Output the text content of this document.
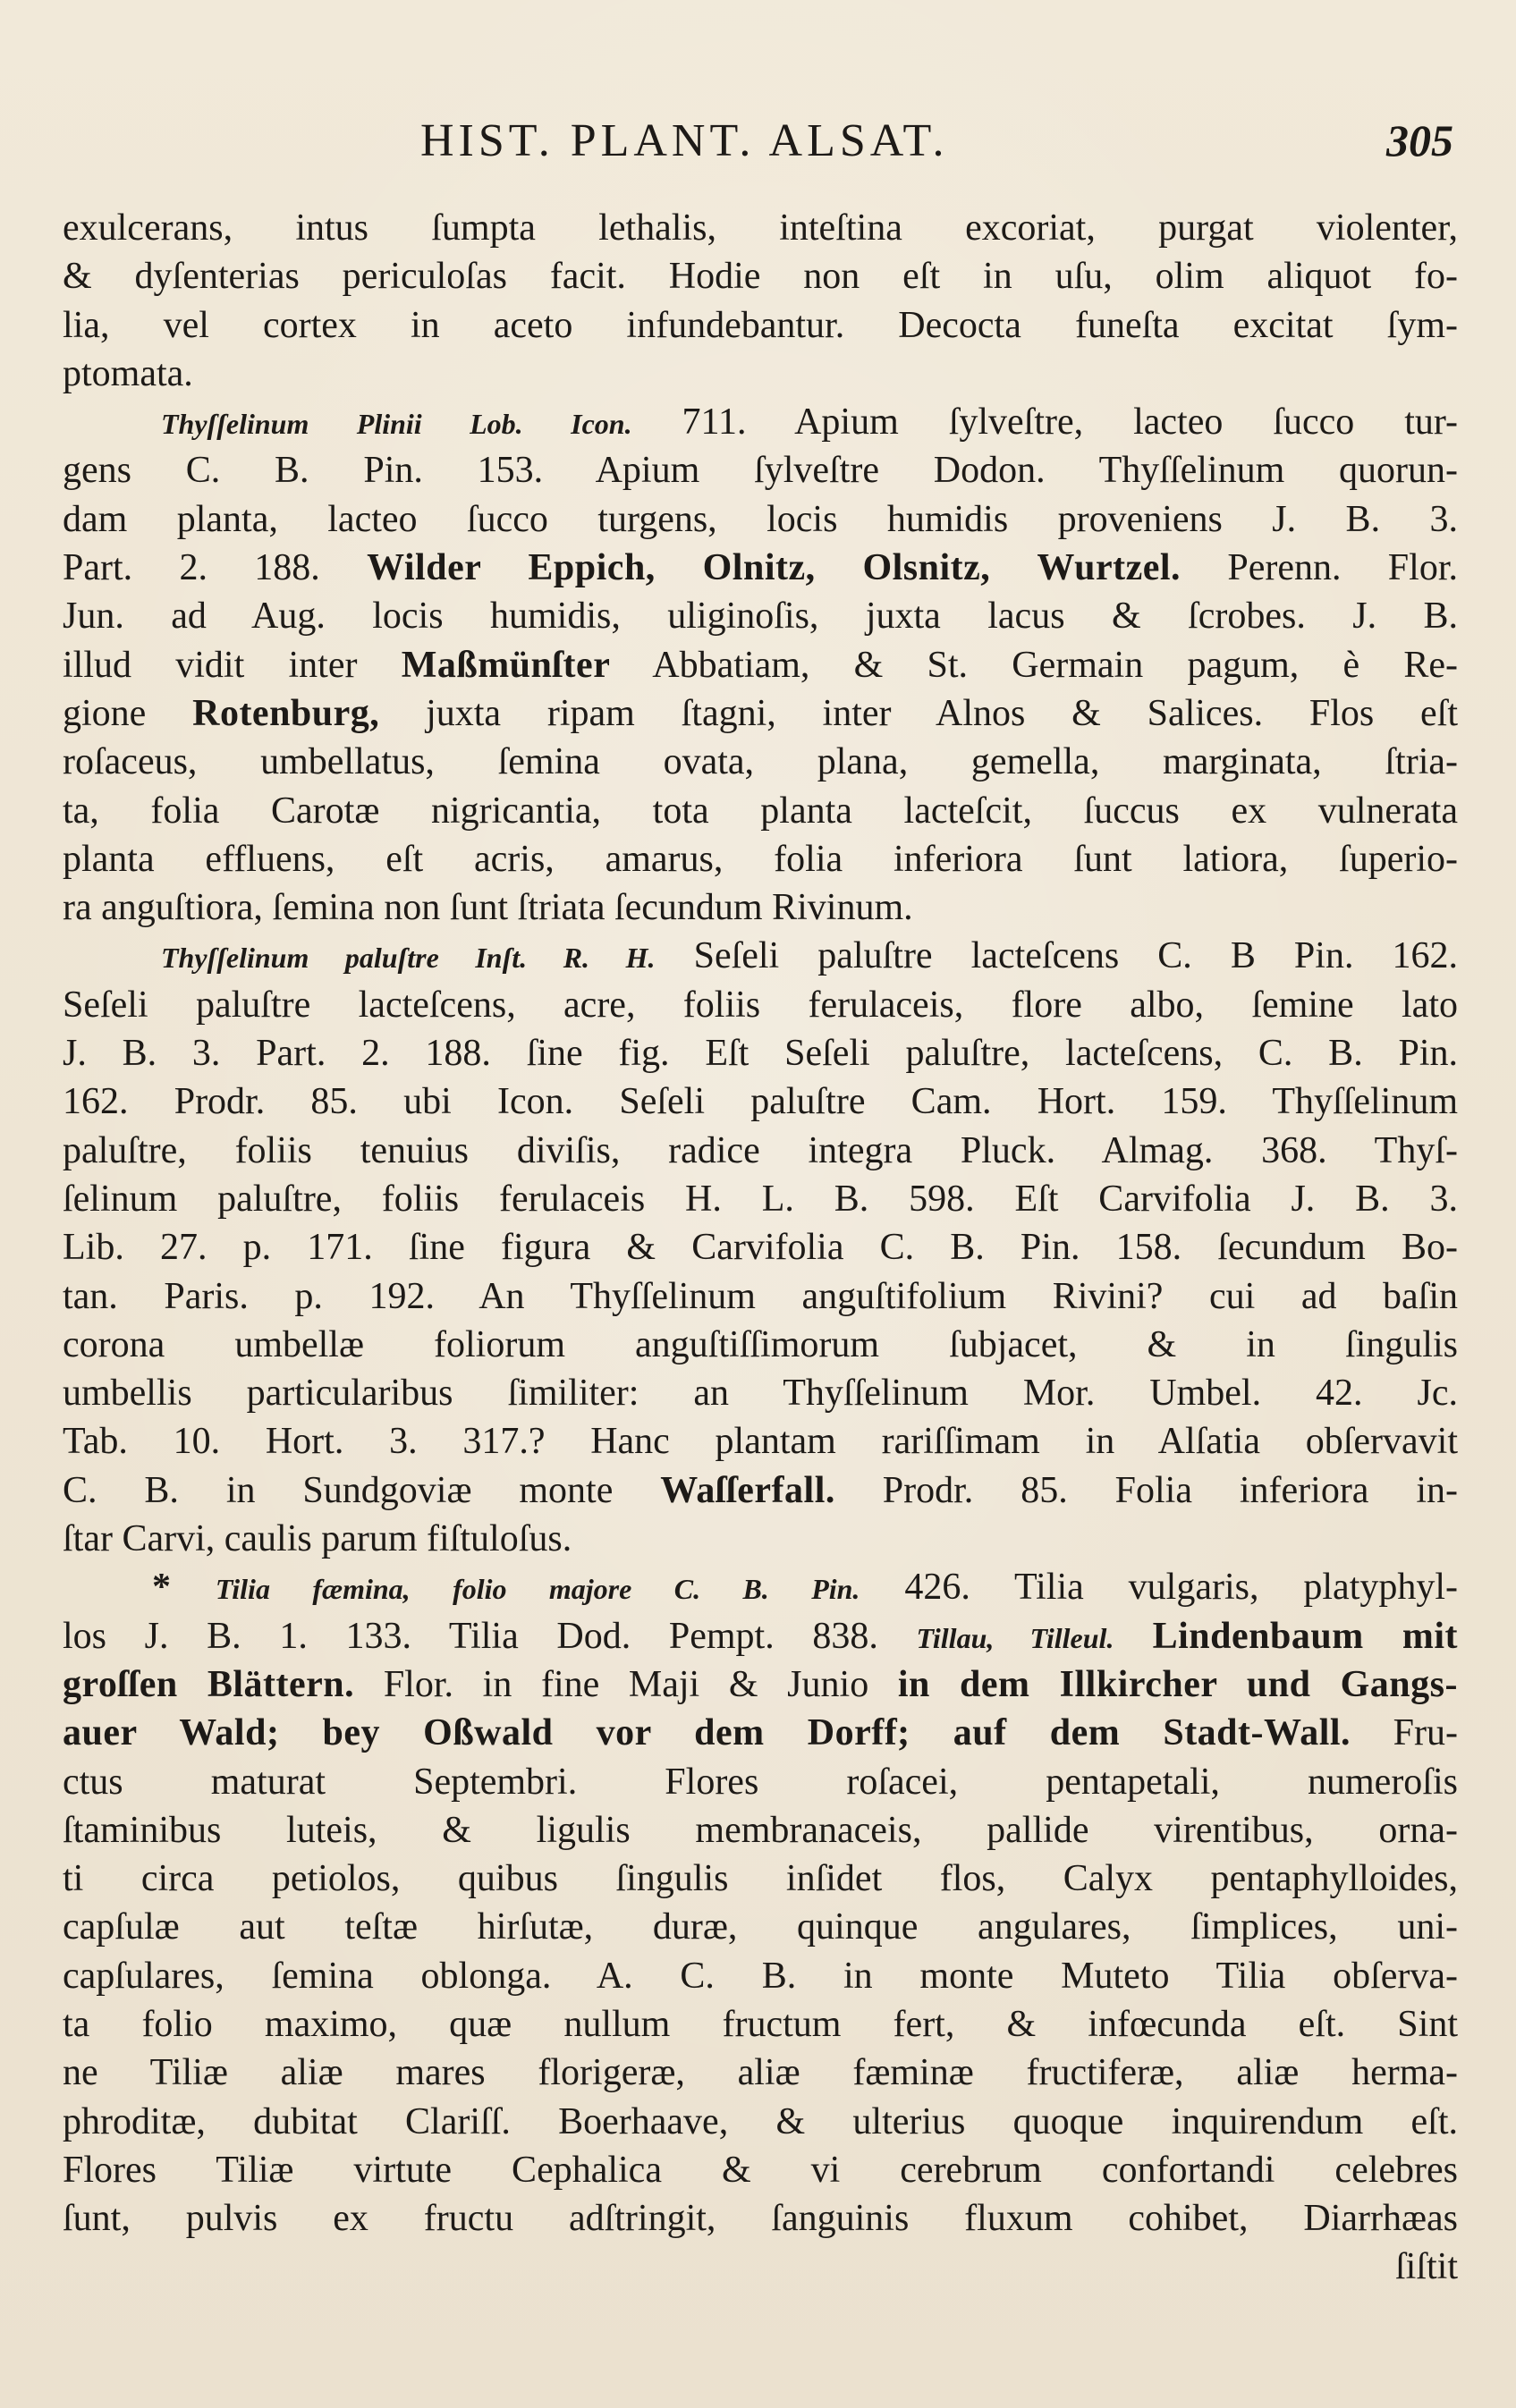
HIST. PLANT. ALSAT.	305
exulcerans, intus ſumpta lethalis, inteſtina excoriat, purgat violenter,
& dyſenterias periculoſas facit. Hodie non eſt in uſu, olim aliquot fo-
lia, vel cortex in aceto infundebantur. Decocta funeſta excitat ſym-
ptomata.
Thyſſelinum Plinii Lob. Icon. 711. Apium ſylveſtre, lacteo ſucco tur-
gens C. B. Pin. 153. Apium ſylveſtre Dodon. Thyſſelinum quorun-
dam planta, lacteo ſucco turgens, locis humidis proveniens J. B. 3.
Part. 2. 188. Wilder Eppich, Olnitz, Olsnitz, Wurtzel. Perenn. Flor.
Jun. ad Aug. locis humidis, uliginoſis, juxta lacus & ſcrobes. J. B.
illud vidit inter Maßmünſter Abbatiam, & St. Germain pagum, è Re-
gione Rotenburg, juxta ripam ſtagni, inter Alnos & Salices. Flos eſt
roſaceus, umbellatus, ſemina ovata, plana, gemella, marginata, ſtria-
ta, folia Carotæ nigricantia, tota planta lacteſcit, ſuccus ex vulnerata
planta effluens, eſt acris, amarus, folia inferiora ſunt latiora, ſuperio-
ra anguſtiora, ſemina non ſunt ſtriata ſecundum Rivinum.
Thyſſelinum paluſtre Inſt. R. H. Seſeli paluſtre lacteſcens C. B Pin. 162.
Seſeli paluſtre lacteſcens, acre, foliis ferulaceis, flore albo, ſemine lato
J. B. 3. Part. 2. 188. ſine fig. Eſt Seſeli paluſtre, lacteſcens, C. B. Pin.
162. Prodr. 85. ubi Icon. Seſeli paluſtre Cam. Hort. 159. Thyſſelinum
paluſtre, foliis tenuius diviſis, radice integra Pluck. Almag. 368. Thyſ-
ſelinum paluſtre, foliis ferulaceis H. L. B. 598. Eſt Carvifolia J. B. 3.
Lib. 27. p. 171. ſine figura & Carvifolia C. B. Pin. 158. ſecundum Bo-
tan. Paris. p. 192. An Thyſſelinum anguſtifolium Rivini? cui ad baſin
corona umbellæ foliorum anguſtiſſimorum ſubjacet, & in ſingulis
umbellis particularibus ſimiliter: an Thyſſelinum Mor. Umbel. 42. Jc.
Tab. 10. Hort. 3. 317.? Hanc plantam rariſſimam in Alſatia obſervavit
C. B. in Sundgoviæ monte Waſſerfall. Prodr. 85. Folia inferiora in-
ſtar Carvi, caulis parum fiſtuloſus.
* Tilia fæmina, folio majore C. B. Pin. 426. Tilia vulgaris, platyphyl-
los J. B. 1. 133. Tilia Dod. Pempt. 838. Tillau, Tilleul. Lindenbaum mit
groſſen Blättern. Flor. in fine Maji & Junio in dem Illkircher und Gangs-
auer Wald; bey Oßwald vor dem Dorff; auf dem Stadt-Wall. Fru-
ctus maturat Septembri. Flores roſacei, pentapetali, numeroſis
ſtaminibus luteis, & ligulis membranaceis, pallide virentibus, orna-
ti circa petiolos, quibus ſingulis inſidet flos, Calyx pentaphylloides,
capſulæ aut teſtæ hirſutæ, duræ, quinque angulares, ſimplices, uni-
capſulares, ſemina oblonga. A. C. B. in monte Muteto Tilia obſerva-
ta folio maximo, quæ nullum fructum fert, & infœcunda eſt. Sint
ne Tiliæ aliæ mares florigeræ, aliæ fæminæ fructiferæ, aliæ herma-
phroditæ, dubitat Clariſſ. Boerhaave, & ulterius quoque inquirendum eſt.
Flores Tiliæ virtute Cephalica & vi cerebrum confortandi celebres
ſunt, pulvis ex fructu adſtringit, ſanguinis fluxum cohibet, Diarrhæas
ſiſtit
